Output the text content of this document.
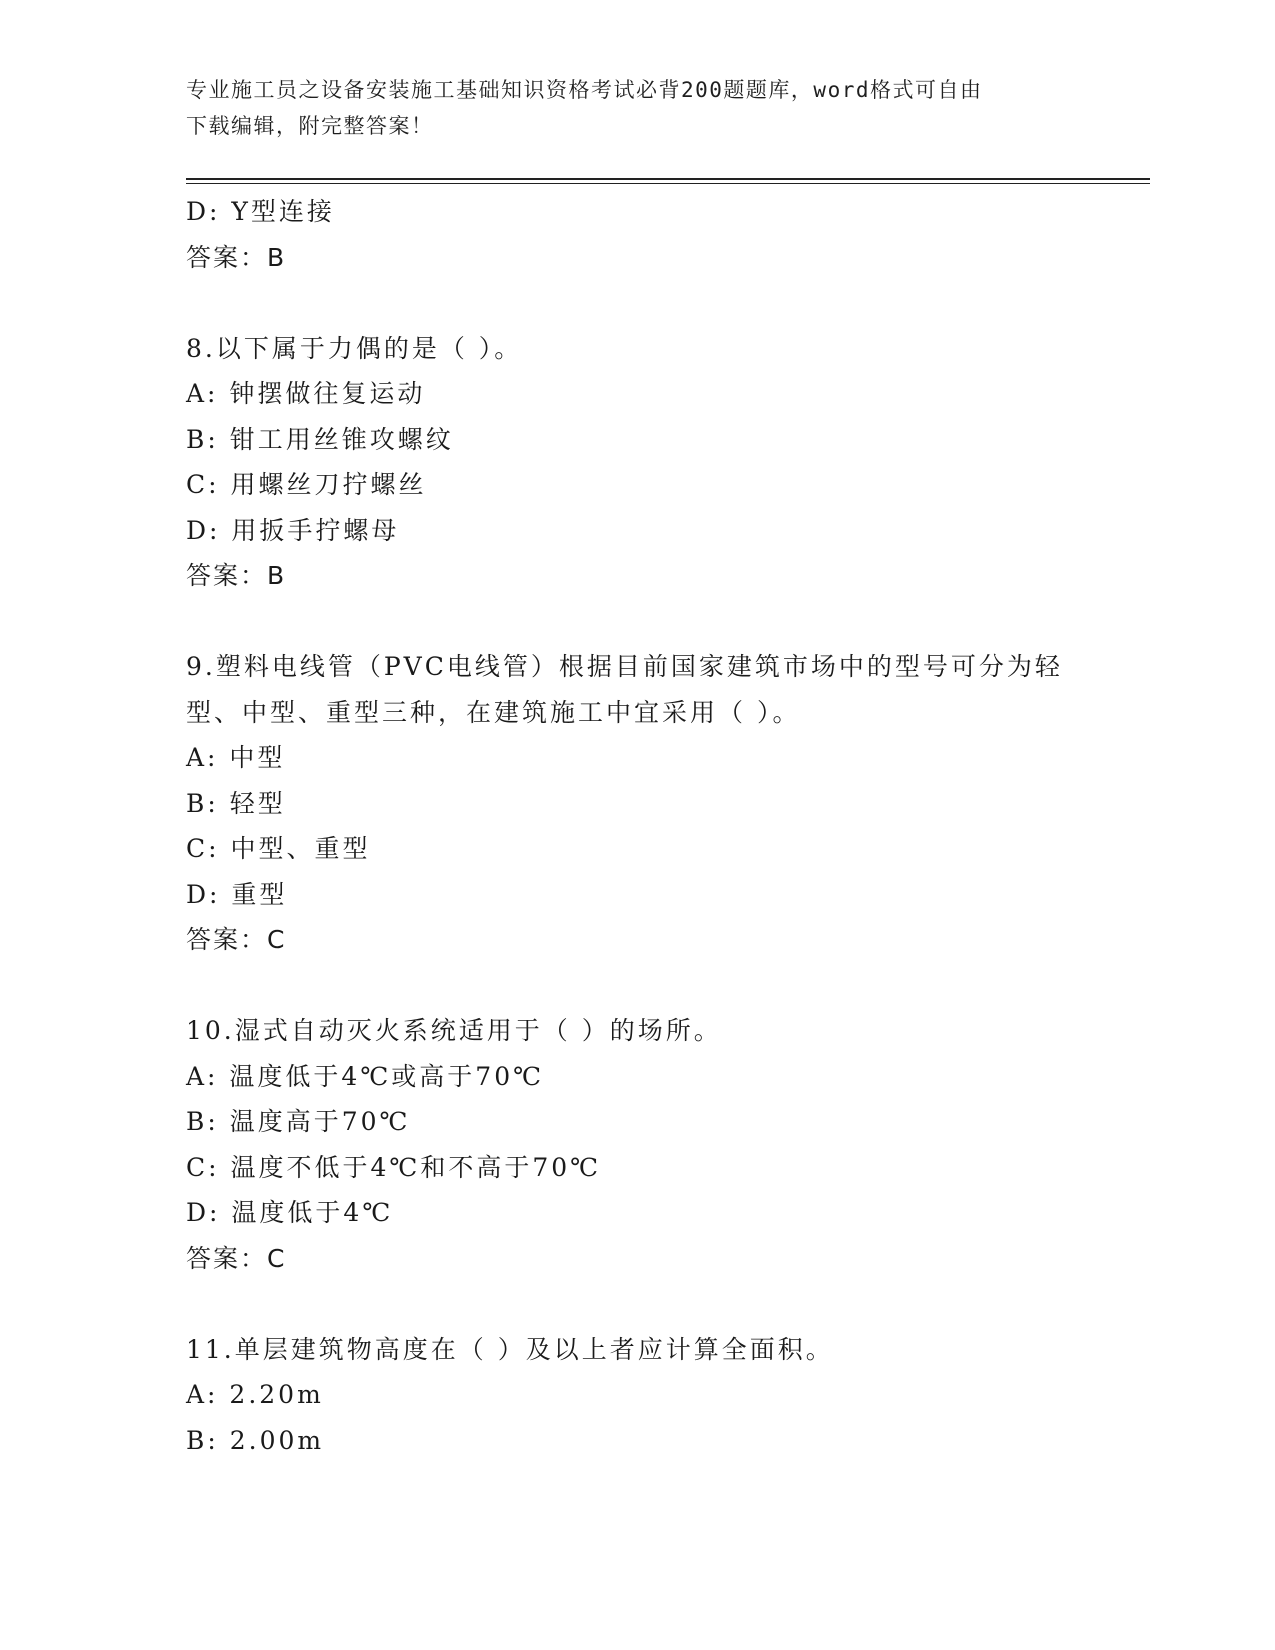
专业施工员之设备安装施工基础知识资格考试必背200题题库，word格式可自由
下载编辑，附完整答案！
D: Y型连接
答案：B
8.以下属于力偶的是（ ）。
A: 钟摆做往复运动
B: 钳工用丝锥攻螺纹
C: 用螺丝刀拧螺丝
D: 用扳手拧螺母
答案：B
9.塑料电线管（PVC电线管）根据目前国家建筑市场中的型号可分为轻
型、中型、重型三种，在建筑施工中宜采用（ ）。
A: 中型
B: 轻型
C: 中型、重型
D: 重型
答案：C
10.湿式自动灭火系统适用于（ ）的场所。
A: 温度低于4℃或高于70℃
B: 温度高于70℃
C: 温度不低于4℃和不高于70℃
D: 温度低于4℃
答案：C
11.单层建筑物高度在（ ）及以上者应计算全面积。
A: 2.20m
B: 2.00m
